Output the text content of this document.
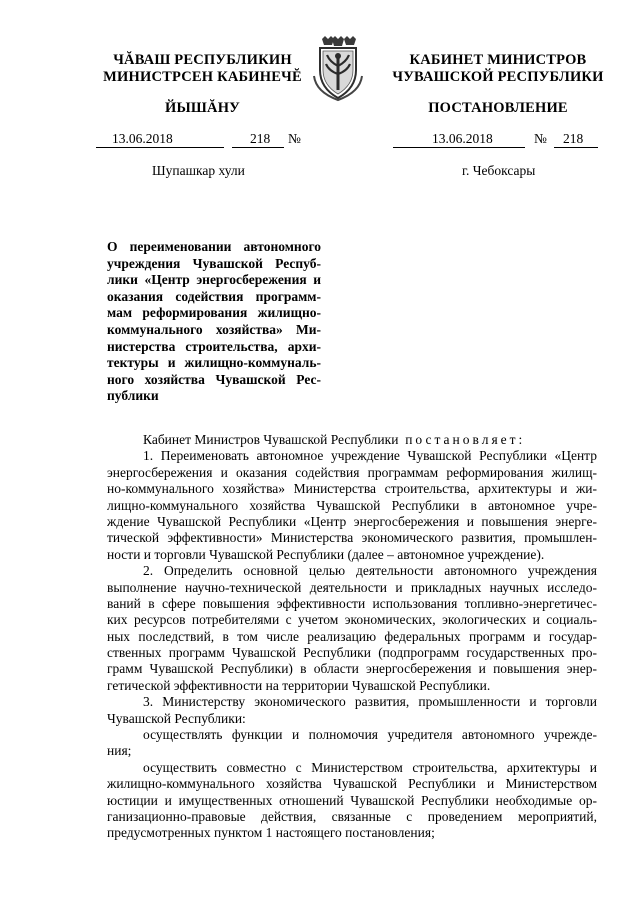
ЧĂВАШ РЕСПУБЛИКИН
МИНИСТРСЕН КАБИНЕЧĔ
ЙЫШĂНУ
КАБИНЕТ МИНИСТРОВ
ЧУВАШСКОЙ РЕСПУБЛИКИ
ПОСТАНОВЛЕНИЕ
13.06.2018	218 №	13.06.2018	№ 218
Шупашкар хули	г. Чебоксары
О переименовании автономного
учреждения Чувашской Респуб-
лики «Центр энергосбережения и
оказания содействия программ-
мам реформирования жилищно-
коммунального хозяйства» Ми-
нистерства строительства, архи-
тектуры и жилищно-коммуналь-
ного хозяйства Чувашской Рес-
публики
Кабинет Министров Чувашской Республики постановляет:
1. Переименовать автономное учреждение Чувашской Республики «Центр
энергосбережения и оказания содействия программам реформирования жилищ-
но-коммунального хозяйства» Министерства строительства, архитектуры и жи-
лищно-коммунального хозяйства Чувашской Республики в автономное учре-
ждение Чувашской Республики «Центр энергосбережения и повышения энерге-
тической эффективности» Министерства экономического развития, промышлен-
ности и торговли Чувашской Республики (далее – автономное учреждение).
2. Определить основной целью деятельности автономного учреждения
выполнение научно-технической деятельности и прикладных научных исследо-
ваний в сфере повышения эффективности использования топливно-энергетичес-
ких ресурсов потребителями с учетом экономических, экологических и социаль-
ных последствий, в том числе реализацию федеральных программ и государ-
ственных программ Чувашской Республики (подпрограмм государственных про-
грамм Чувашской Республики) в области энергосбережения и повышения энер-
гетической эффективности на территории Чувашской Республики.
3. Министерству экономического развития, промышленности и торговли
Чувашской Республики:
осуществлять функции и полномочия учредителя автономного учрежде-
ния;
осуществить совместно с Министерством строительства, архитектуры и
жилищно-коммунального хозяйства Чувашской Республики и Министерством
юстиции и имущественных отношений Чувашской Республики необходимые ор-
ганизационно-правовые действия, связанные с проведением мероприятий,
предусмотренных пунктом 1 настоящего постановления;
